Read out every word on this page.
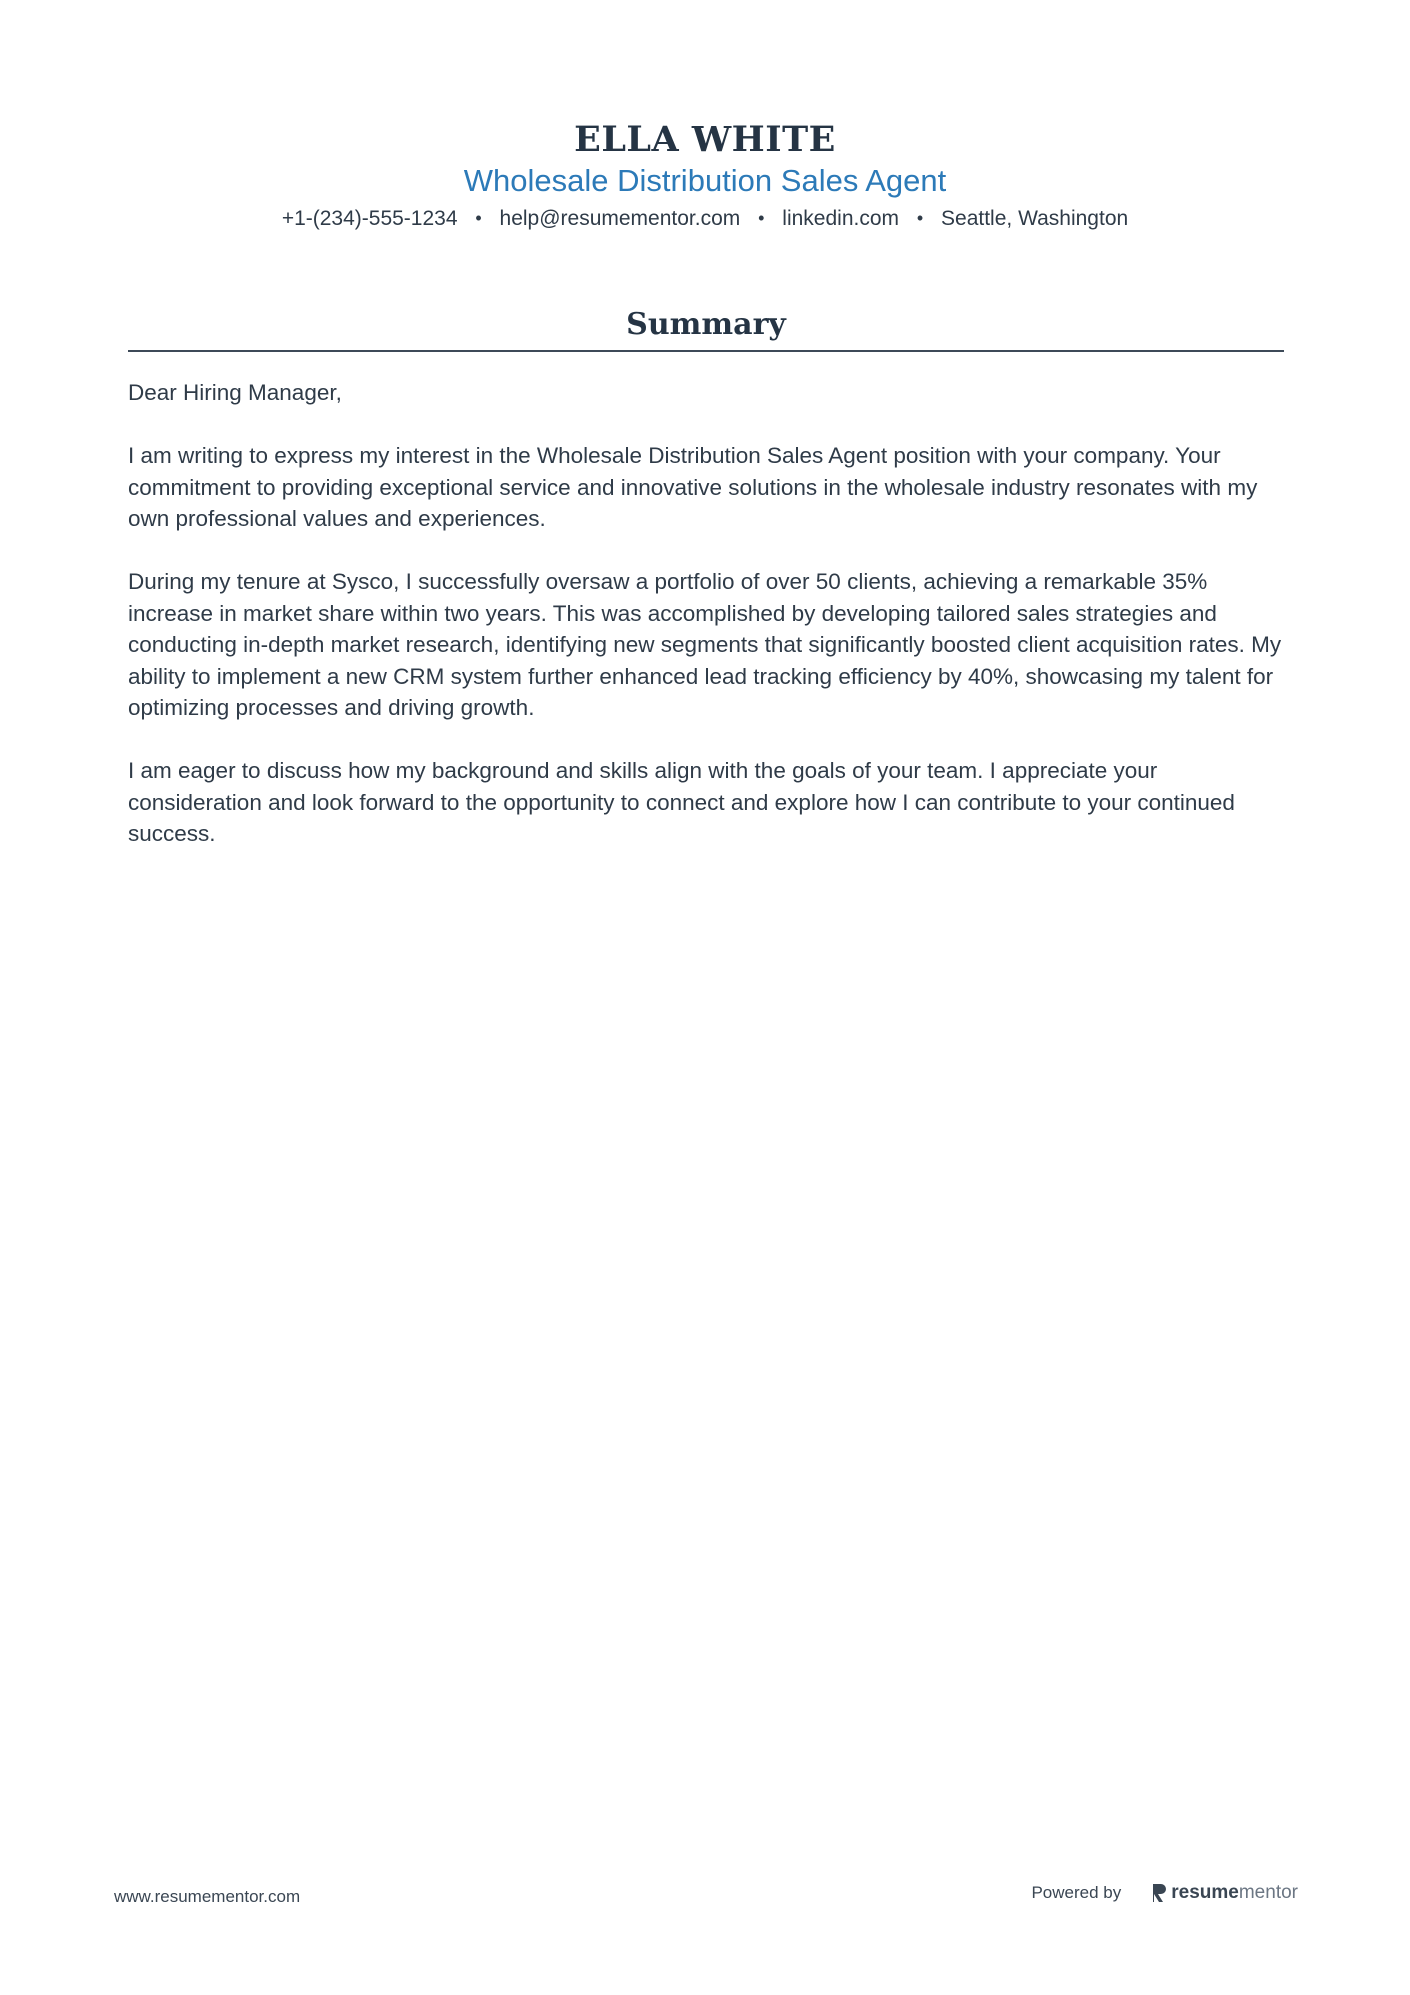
ELLA WHITE
Wholesale Distribution Sales Agent
+1-(234)-555-1234 • help@resumementor.com • linkedin.com • Seattle, Washington
Summary

Dear Hiring Manager,

I am writing to express my interest in the Wholesale Distribution Sales Agent position with your company. Your commitment to providing exceptional service and innovative solutions in the wholesale industry resonates with my own professional values and experiences.

During my tenure at Sysco, I successfully oversaw a portfolio of over 50 clients, achieving a remarkable 35% increase in market share within two years. This was accomplished by developing tailored sales strategies and conducting in-depth market research, identifying new segments that significantly boosted client acquisition rates. My ability to implement a new CRM system further enhanced lead tracking efficiency by 40%, showcasing my talent for optimizing processes and driving growth.

I am eager to discuss how my background and skills align with the goals of your team. I appreciate your consideration and look forward to the opportunity to connect and explore how I can contribute to your continued success.

www.resumementor.com	Powered by	resume mentor
